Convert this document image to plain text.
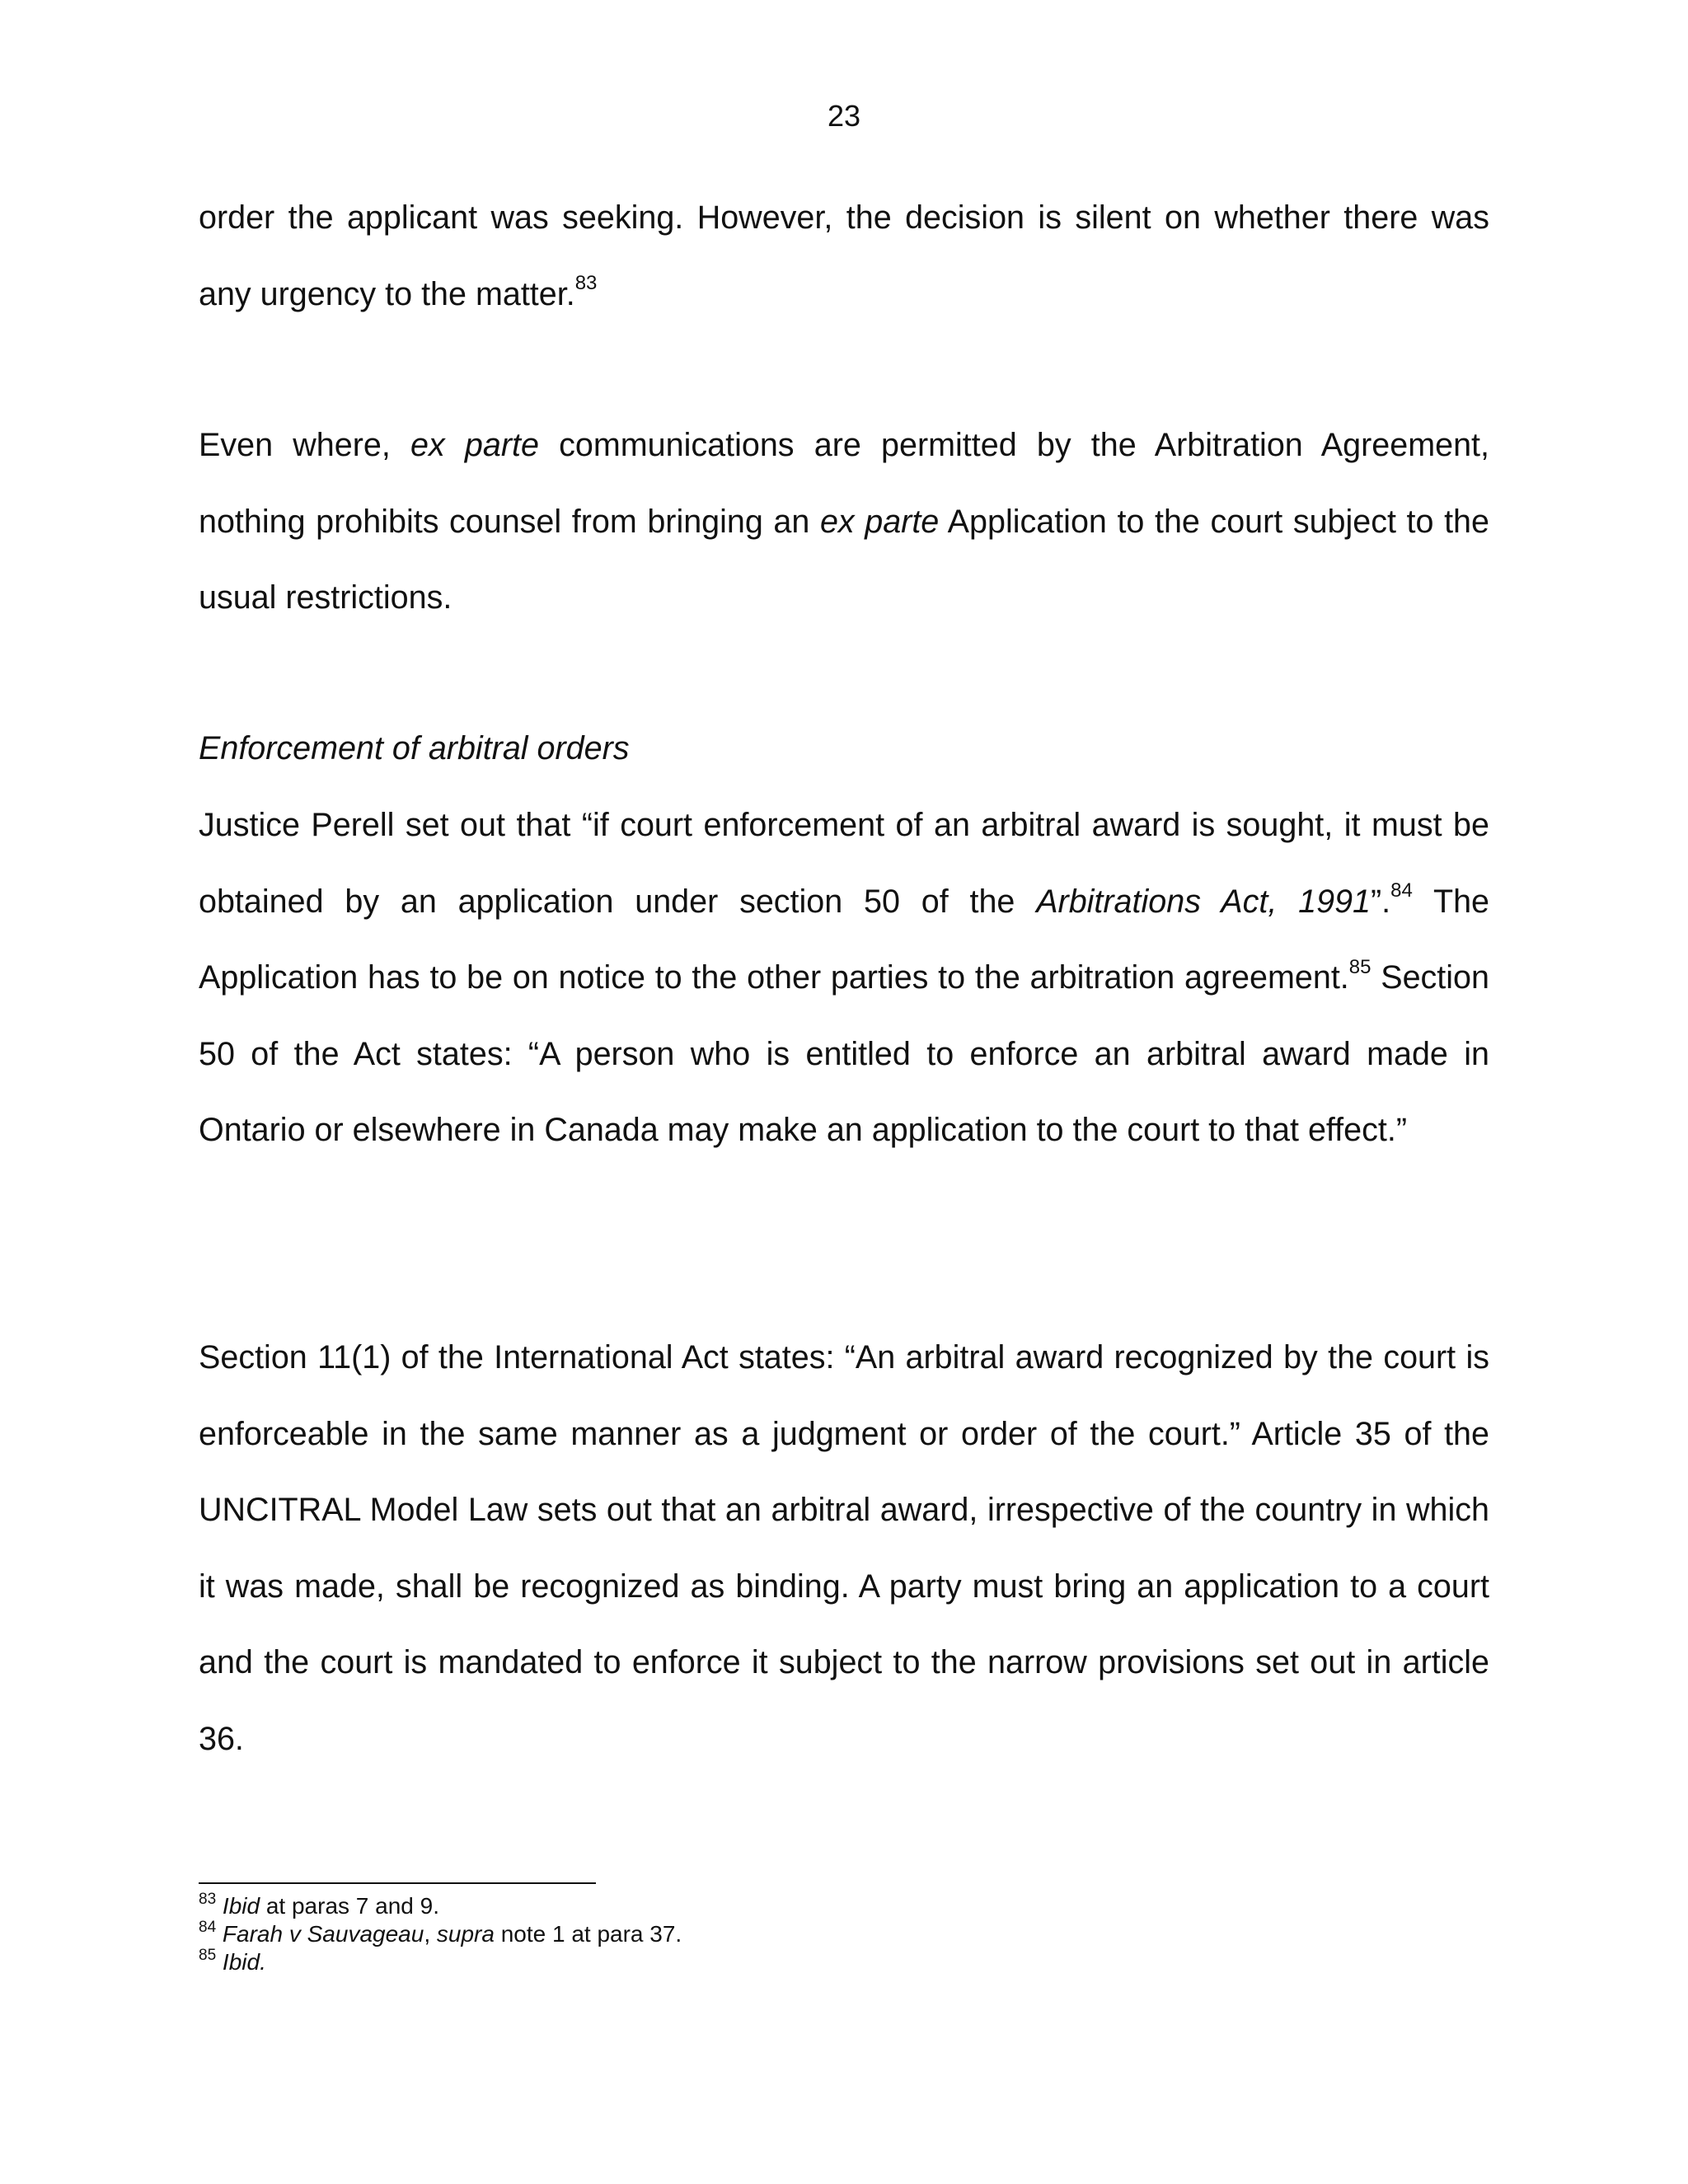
23

order the applicant was seeking. However, the decision is silent on whether there was any urgency to the matter.$^{83}$

Even where, ex parte communications are permitted by the Arbitration Agreement, nothing prohibits counsel from bringing an ex parte Application to the court subject to the usual restrictions.

Enforcement of arbitral orders

Justice Perell set out that “if court enforcement of an arbitral award is sought, it must be obtained by an application under section 50 of the Arbitrations Act, 1991”.$^{84}$ The Application has to be on notice to the other parties to the arbitration agreement.$^{85}$ Section 50 of the Act states: “A person who is entitled to enforce an arbitral award made in Ontario or elsewhere in Canada may make an application to the court to that effect.”

Section 11(1) of the International Act states: “An arbitral award recognized by the court is enforceable in the same manner as a judgment or order of the court.” Article 35 of the UNCITRAL Model Law sets out that an arbitral award, irrespective of the country in which it was made, shall be recognized as binding. A party must bring an application to a court and the court is mandated to enforce it subject to the narrow provisions set out in article 36.

$^{83}$ Ibid at paras 7 and 9.
$^{84}$ Farah v Sauvageau, supra note 1 at para 37.
$^{85}$ Ibid.
